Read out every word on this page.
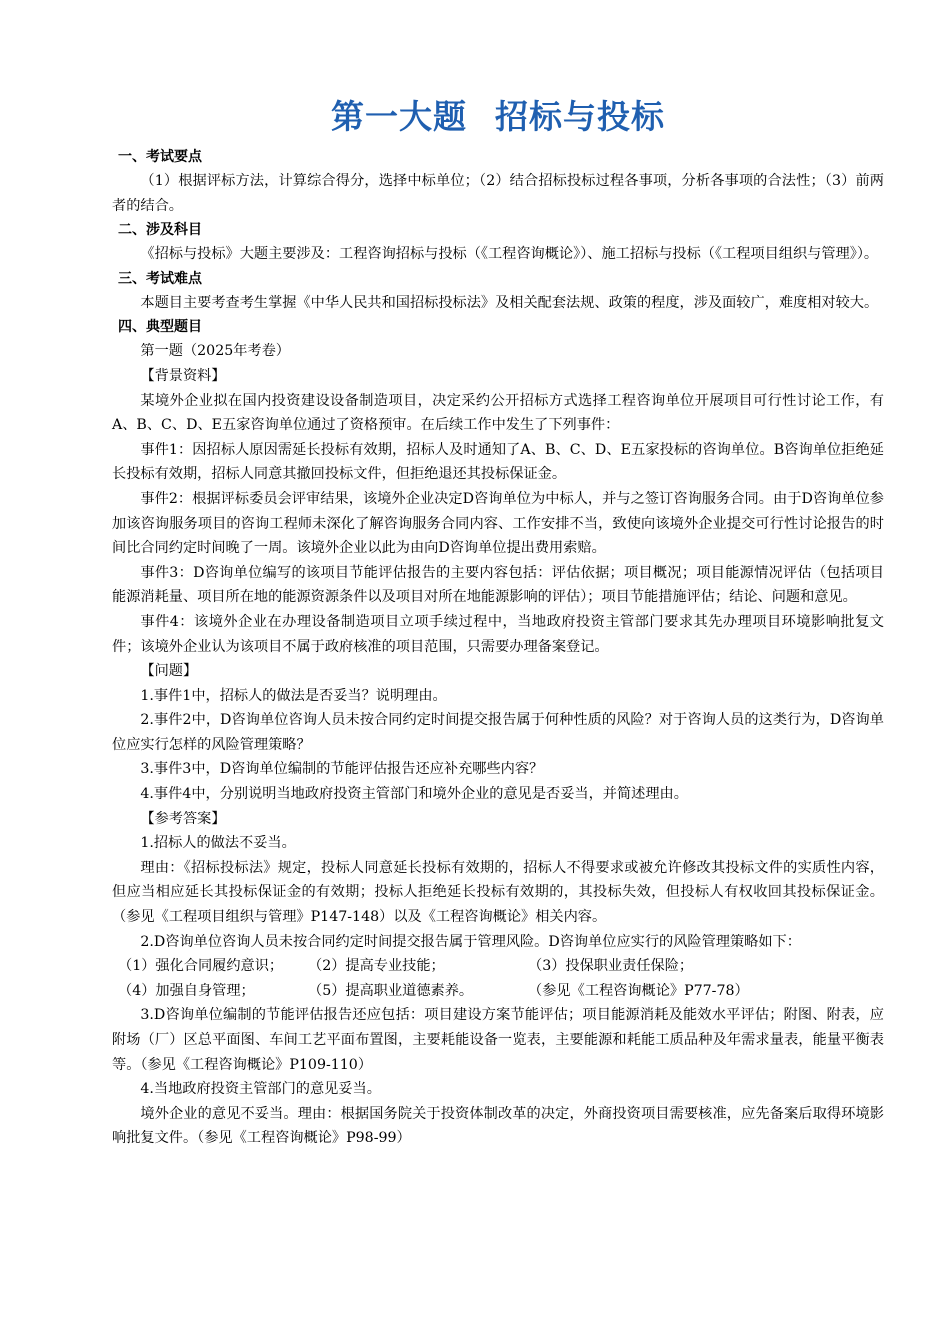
第一大题 招标与投标

一、考试要点

（1）根据评标方法，计算综合得分，选择中标单位；（2）结合招标投标过程各事项，分析各事项的合法性；（3）前两者的结合。

二、涉及科目

《招标与投标》大题主要涉及：工程咨询招标与投标（《工程咨询概论》）、施工招标与投标（《工程项目组织与管理》）。

三、考试难点

本题目主要考查考生掌握《中华人民共和国招标投标法》及相关配套法规、政策的程度，涉及面较广，难度相对较大。

四、典型题目

第一题（2025年考卷）

【背景资料】

某境外企业拟在国内投资建设设备制造项目，决定采约公开招标方式选择工程咨询单位开展项目可行性讨论工作，有A、B、C、D、E五家咨询单位通过了资格预审。在后续工作中发生了下列事件：

事件1：因招标人原因需延长投标有效期，招标人及时通知了A、B、C、D、E五家投标的咨询单位。B咨询单位拒绝延长投标有效期，招标人同意其撤回投标文件，但拒绝退还其投标保证金。

事件2：根据评标委员会评审结果，该境外企业决定D咨询单位为中标人，并与之签订咨询服务合同。由于D咨询单位参加该咨询服务项目的咨询工程师未深化了解咨询服务合同内容、工作安排不当，致使向该境外企业提交可行性讨论报告的时间比合同约定时间晚了一周。该境外企业以此为由向D咨询单位提出费用索赔。

事件3：D咨询单位编写的该项目节能评估报告的主要内容包括：评估依据；项目概况；项目能源情况评估（包括项目能源消耗量、项目所在地的能源资源条件以及项目对所在地能源影响的评估）；项目节能措施评估；结论、问题和意见。

事件4：该境外企业在办理设备制造项目立项手续过程中，当地政府投资主管部门要求其先办理项目环境影响批复文件；该境外企业认为该项目不属于政府核准的项目范围，只需要办理备案登记。

【问题】

1.事件1中，招标人的做法是否妥当？说明理由。

2.事件2中，D咨询单位咨询人员未按合同约定时间提交报告属于何种性质的风险？对于咨询人员的这类行为，D咨询单位应实行怎样的风险管理策略？

3.事件3中，D咨询单位编制的节能评估报告还应补充哪些内容？

4.事件4中，分别说明当地政府投资主管部门和境外企业的意见是否妥当，并简述理由。

【参考答案】

1.招标人的做法不妥当。

理由：《招标投标法》规定，投标人同意延长投标有效期的，招标人不得要求或被允许修改其投标文件的实质性内容，但应当相应延长其投标保证金的有效期；投标人拒绝延长投标有效期的，其投标失效，但投标人有权收回其投标保证金。（参见《工程项目组织与管理》P147-148）以及《工程咨询概论》相关内容。

2.D咨询单位咨询人员未按合同约定时间提交报告属于管理风险。D咨询单位应实行的风险管理策略如下：

（1）强化合同履约意识； （2）提高专业技能；	（3）投保职业责任保险；

（4）加强自身管理；	（5）提高职业道德素养。	（参见《工程咨询概论》P77-78）

3.D咨询单位编制的节能评估报告还应包括：项目建设方案节能评估；项目能源消耗及能效水平评估；附图、附表，应附场（厂）区总平面图、车间工艺平面布置图，主要耗能设备一览表，主要能源和耗能工质品种及年需求量表，能量平衡表等。（参见《工程咨询概论》P109-110）

4.当地政府投资主管部门的意见妥当。

境外企业的意见不妥当。理由：根据国务院关于投资体制改革的决定，外商投资项目需要核准，应先备案后取得环境影响批复文件。（参见《工程咨询概论》P98-99）
